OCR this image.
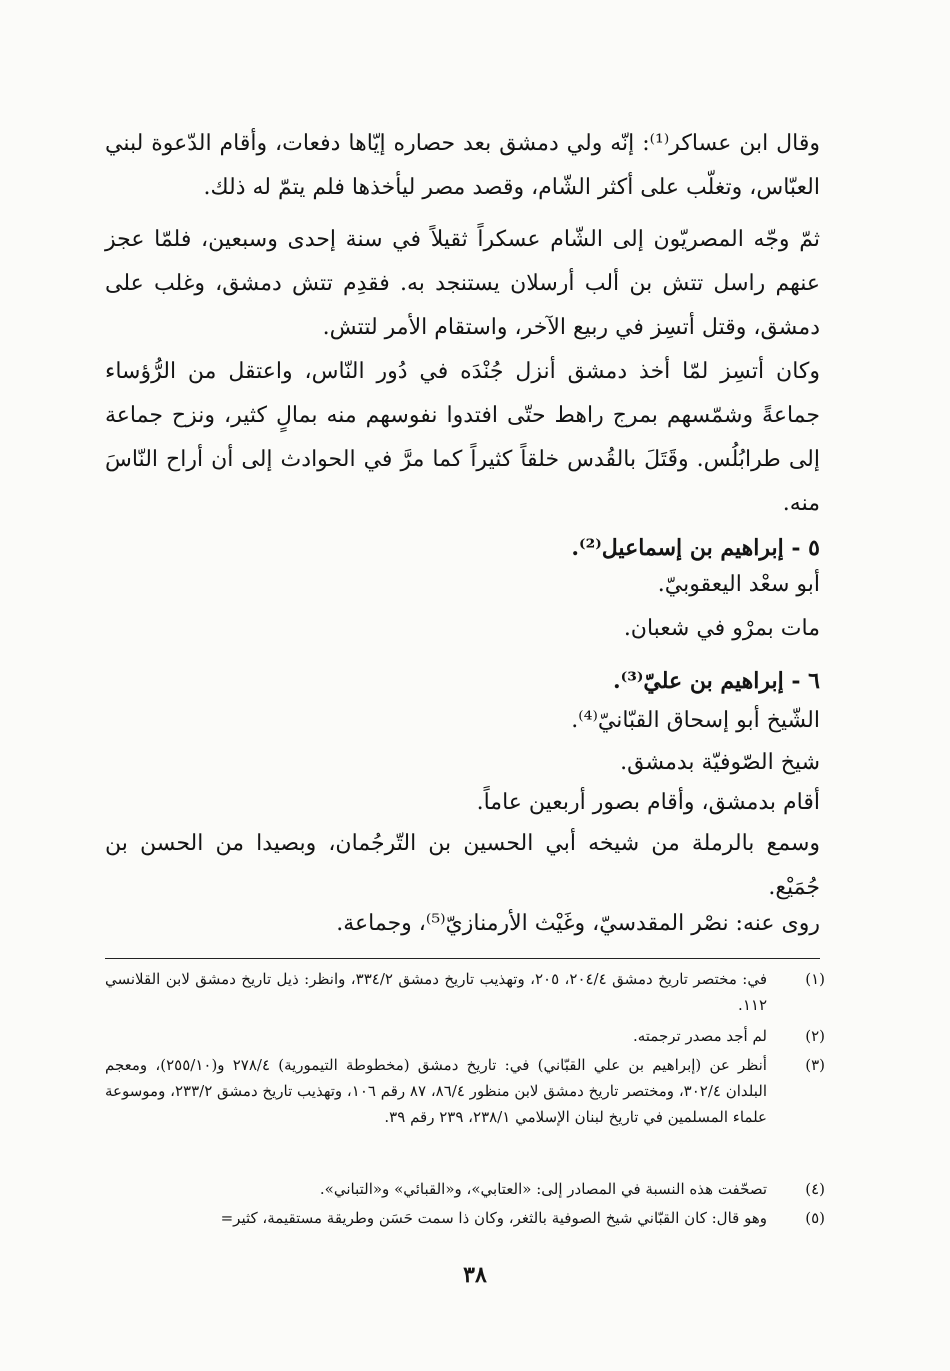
وقال ابن عساكر⁽¹⁾: إنّه ولي دمشق بعد حصاره إيّاها دفعات، وأقام الدّعوة لبني العبّاس، وتغلّب على أكثر الشّام، وقصد مصر ليأخذها فلم يتمّ له ذلك.

ثمّ وجّه المصريّون إلى الشّام عسكراً ثقيلاً في سنة إحدى وسبعين، فلمّا عجز عنهم راسل تتش بن ألب أرسلان يستنجد به. فقدِم تتش دمشق، وغلب على دمشق، وقتل أتسِز في ربيع الآخر، واستقام الأمر لتتش.

وكان أتسِز لمّا أخذ دمشق أنزل جُنْدَه في دُور النّاس، واعتقل من الرُّؤساء جماعةً وشمّسهم بمرج راهط حتّى افتدوا نفوسهم منه بمالٍ كثير، ونزح جماعة إلى طرابُلُس. وقَتَلَ بالقُدس خلقاً كثيراً كما مرَّ في الحوادث إلى أن أراح النّاسَ منه.

٥ - إبراهيم بن إسماعيل⁽²⁾.
أبو سعْد اليعقوبيّ.
مات بمرْو في شعبان.
٦ - إبراهيم بن عليّ⁽³⁾.
الشّيخ أبو إسحاق القبّانيّ⁽⁴⁾.
شيخ الصّوفيّة بدمشق.
أقام بدمشق، وأقام بصور أربعين عاماً.

وسمع بالرملة من شيخه أبي الحسين بن التّرجُمان، وبصيدا من الحسن بن جُمَيْع.

روى عنه: نصْر المقدسيّ، وغَيْث الأرمنازيّ⁽⁵⁾، وجماعة.
(١)
في: مختصر تاريخ دمشق ٢٠٤/٤، ٢٠٥، وتهذيب تاريخ دمشق ٣٣٤/٢، وانظر: ذيل تاريخ دمشق لابن القلانسي ١١٢.
(٢)
لم أجد مصدر ترجمته.
(٣)
أنظر عن (إبراهيم بن علي القبّاني) في: تاريخ دمشق (مخطوطة التيمورية) ٢٧٨/٤ و(٢٥٥/١٠)، ومعجم البلدان ٣٠٢/٤، ومختصر تاريخ دمشق لابن منظور ٨٦/٤، ٨٧ رقم ١٠٦، وتهذيب تاريخ دمشق ٢٣٣/٢، وموسوعة علماء المسلمين في تاريخ لبنان الإسلامي ٢٣٨/١، ٢٣٩ رقم ٣٩.
(٤)
تصحّفت هذه النسبة في المصادر إلى: «العتابي»، و«القبائي» و«التباني».
(٥)
وهو قال: كان القبّاني شيخ الصوفية بالثغر، وكان ذا سمت حَسَن وطريقة مستقيمة، كثير=
٣٨
